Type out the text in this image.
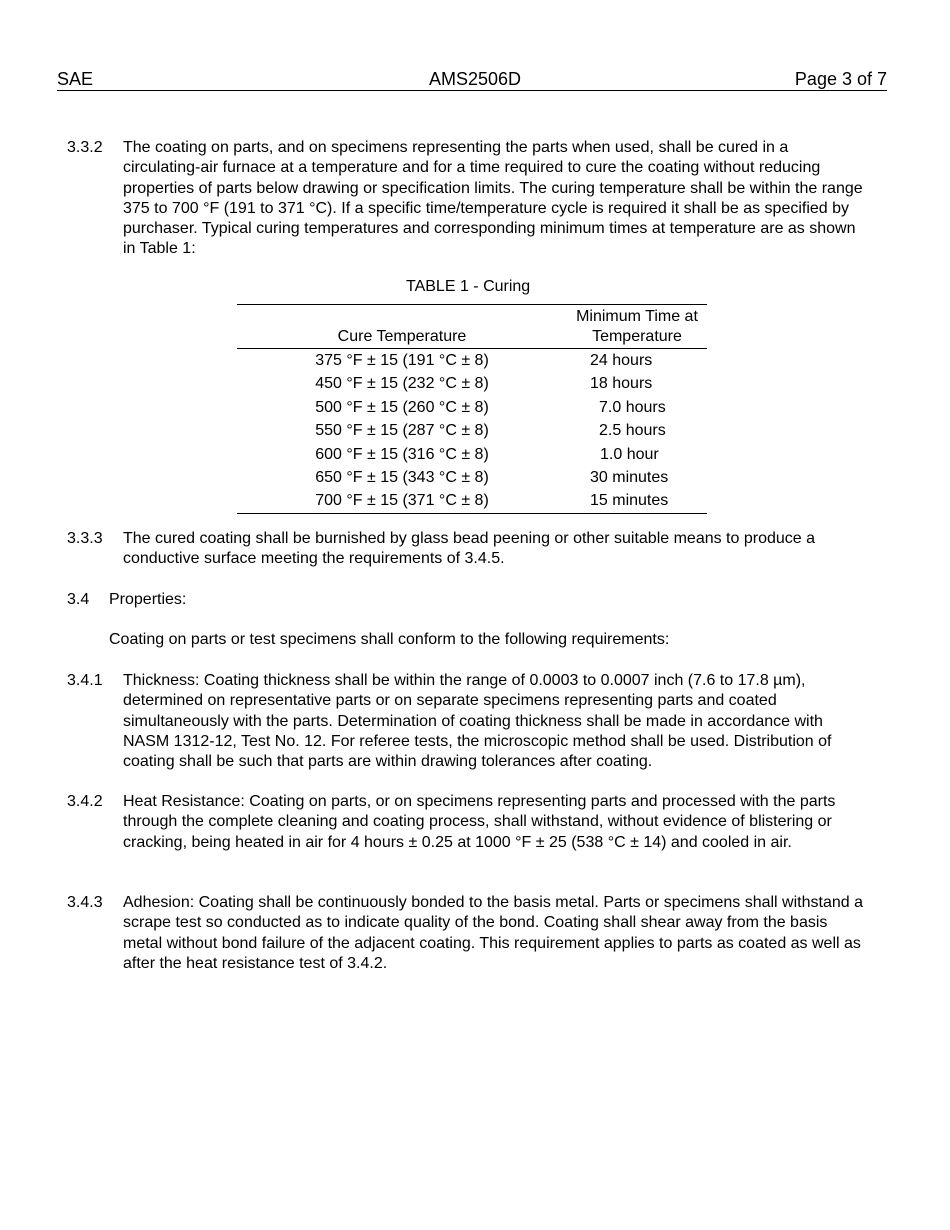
SAE	AMS2506D	Page 3 of 7
3.3.2 The coating on parts, and on specimens representing the parts when used, shall be cured in a circulating-air furnace at a temperature and for a time required to cure the coating without reducing properties of parts below drawing or specification limits. The curing temperature shall be within the range 375 to 700 °F (191 to 371 °C). If a specific time/temperature cycle is required it shall be as specified by purchaser. Typical curing temperatures and corresponding minimum times at temperature are as shown in Table 1:
TABLE 1 - Curing
Cure Temperature	Minimum Time at
Temperature
375 °F ± 15 (191 °C ± 8)	24 hours
450 °F ± 15 (232 °C ± 8)	18 hours
500 °F ± 15 (260 °C ± 8)	7.0 hours
550 °F ± 15 (287 °C ± 8)	2.5 hours
600 °F ± 15 (316 °C ± 8)	1.0 hour
650 °F ± 15 (343 °C ± 8)	30 minutes
700 °F ± 15 (371 °C ± 8)	15 minutes
3.3.3 The cured coating shall be burnished by glass bead peening or other suitable means to produce a conductive surface meeting the requirements of 3.4.5.
3.4 Properties:
Coating on parts or test specimens shall conform to the following requirements:
3.4.1 Thickness: Coating thickness shall be within the range of 0.0003 to 0.0007 inch (7.6 to 17.8 µm), determined on representative parts or on separate specimens representing parts and coated simultaneously with the parts. Determination of coating thickness shall be made in accordance with NASM 1312-12, Test No. 12. For referee tests, the microscopic method shall be used. Distribution of coating shall be such that parts are within drawing tolerances after coating.
3.4.2 Heat Resistance: Coating on parts, or on specimens representing parts and processed with the parts through the complete cleaning and coating process, shall withstand, without evidence of blistering or cracking, being heated in air for 4 hours ± 0.25 at 1000 °F ± 25 (538 °C ± 14) and cooled in air.
3.4.3 Adhesion: Coating shall be continuously bonded to the basis metal. Parts or specimens shall withstand a scrape test so conducted as to indicate quality of the bond. Coating shall shear away from the basis metal without bond failure of the adjacent coating. This requirement applies to parts as coated as well as after the heat resistance test of 3.4.2.
